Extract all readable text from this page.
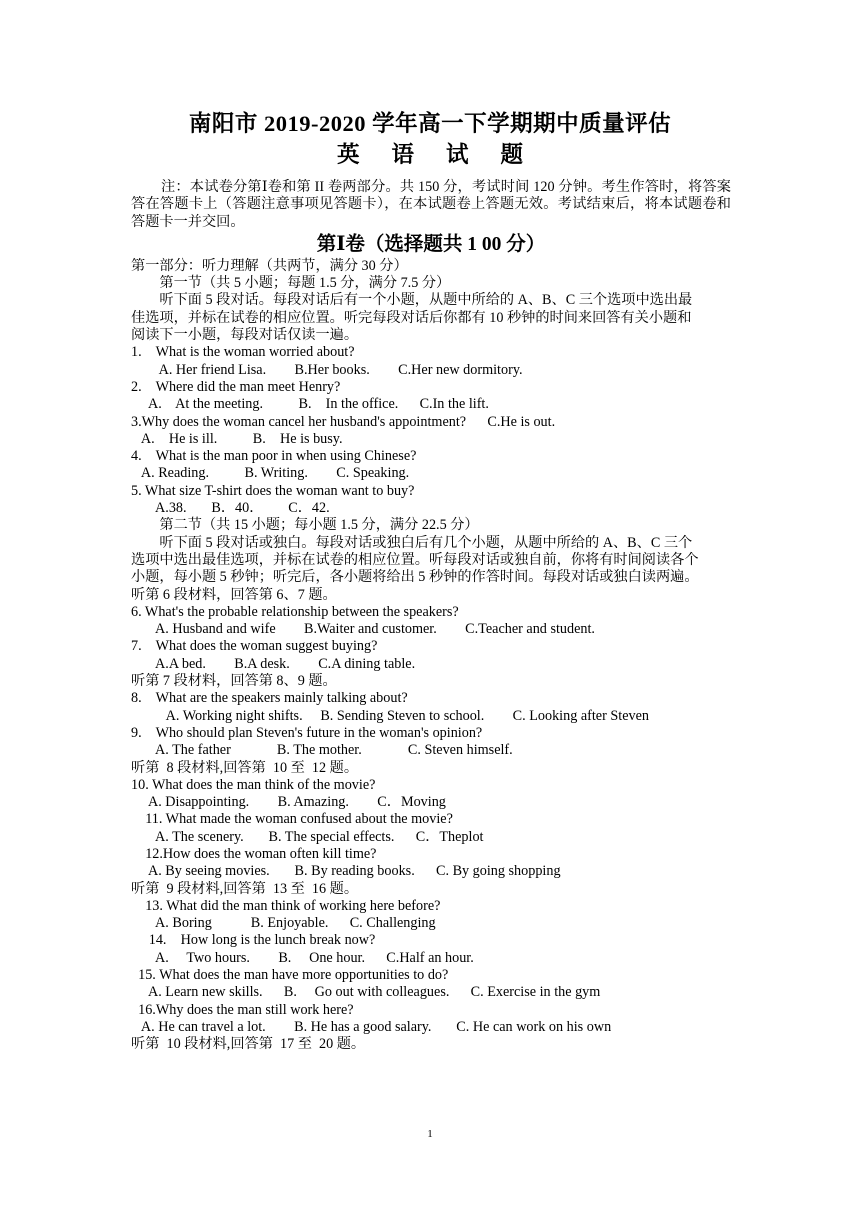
南阳市 2019-2020 学年高一下学期期中质量评估
英 语 试 题
注：本试卷分第Ⅰ卷和第 II 卷两部分。共 150 分，考试时间 120 分钟。考生作答时，将答案答在答题卡上（答题注意事项见答题卡），在本试题卷上答题无效。考试结束后，将本试题卷和答题卡一并交回。
第Ⅰ卷（选择题共 1 00 分）
第一部分：听力理解（共两节，满分 30 分）
第一节（共 5 小题；每题 1.5 分，满分 7.5 分）
听下面 5 段对话。每段对话后有一个小题，从题中所给的 A、B、C 三个选项中选出最
佳选项，并标在试卷的相应位置。听完每段对话后你都有 10 秒钟的时间来回答有关小题和
阅读下一小题，每段对话仅读一遍。
1.    What is the woman worried about?
A. Her friend Lisa.        B.Her books.        C.Her new dormitory.
2.    Where did the man meet Henry?
A.    At the meeting.          B.    In the office.      C.In the lift.
3.Why does the woman cancel her husband's appointment?      C.He is out.
A.    He is ill.          B.    He is busy.
4.    What is the man poor in when using Chinese?
A. Reading.          B. Writing.        C. Speaking.
5. What size T-shirt does the woman want to buy?
A.38.       B．40．       C．42.
第二节（共 15 小题；每小题 1.5 分，满分 22.5 分）
听下面 5 段对话或独白。每段对话或独白后有几个小题，从题中所给的 A、B、C 三个
选项中选出最佳选项，并标在试卷的相应位置。听每段对话或独自前，你将有时间阅读各个
小题，每小题 5 秒钟；听完后，各小题将给出 5 秒钟的作答时间。每段对话或独白读两遍。
听第 6 段材料，回答第 6、7 题。
6. What's the probable relationship between the speakers?
A. Husband and wife        B.Waiter and customer.        C.Teacher and student.
7.    What does the woman suggest buying?
A.A bed.        B.A desk.        C.A dining table.
听第 7 段材料，回答第 8、9 题。
8.    What are the speakers mainly talking about?
A. Working night shifts.     B. Sending Steven to school.        C. Looking after Steven
9.    Who should plan Steven's future in the woman's opinion?
A. The father             B. The mother.             C. Steven himself.
听第  8 段材料,回答第  10 至  12 题。
10. What does the man think of the movie?
A. Disappointing.        B. Amazing.        C．Moving
11. What made the woman confused about the movie?
A. The scenery.       B. The special effects.      C．Theplot
12.How does the woman often kill time?
A. By seeing movies.       B. By reading books.      C. By going shopping
听第  9 段材料,回答第  13 至  16 题。
13. What did the man think of working here before?
A. Boring           B. Enjoyable.      C. Challenging
14.    How long is the lunch break now?
A.     Two hours.        B.     One hour.      C.Half an hour.
15. What does the man have more opportunities to do?
A. Learn new skills.      B.     Go out with colleagues.      C. Exercise in the gym
16.Why does the man still work here?
A. He can travel a lot.        B. He has a good salary.       C. He can work on his own
听第  10 段材料,回答第  17 至  20 题。
1
